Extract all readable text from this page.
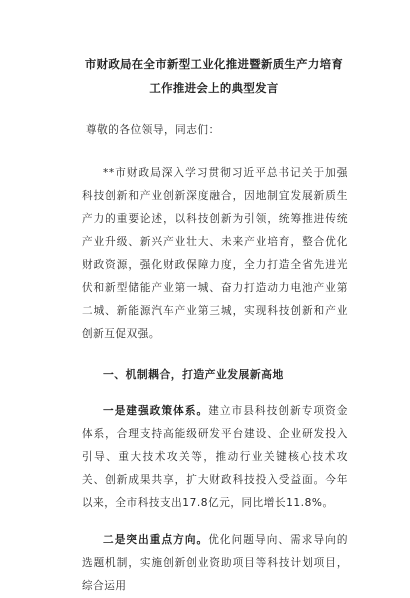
市财政局在全市新型工业化推进暨新质生产力培育工作推进会上的典型发言

尊敬的各位领导，同志们：

**市财政局深入学习贯彻习近平总书记关于加强科技创新和产业创新深度融合，因地制宜发展新质生产力的重要论述，以科技创新为引领，统筹推进传统产业升级、新兴产业壮大、未来产业培育，整合优化财政资源，强化财政保障力度，全力打造全省先进光伏和新型储能产业第一城、奋力打造动力电池产业第二城、新能源汽车产业第三城，实现科技创新和产业创新互促双强。

一、机制耦合，打造产业发展新高地

一是建强政策体系。建立市县科技创新专项资金体系，合理支持高能级研发平台建设、企业研发投入引导、重大技术攻关等，推动行业关键核心技术攻关、创新成果共享，扩大财政科技投入受益面。今年以来，全市科技支出17.8亿元，同比增长11.8%。

二是突出重点方向。优化问题导向、需求导向的选题机制，实施创新创业资助项目等科技计划项目，综合运用
